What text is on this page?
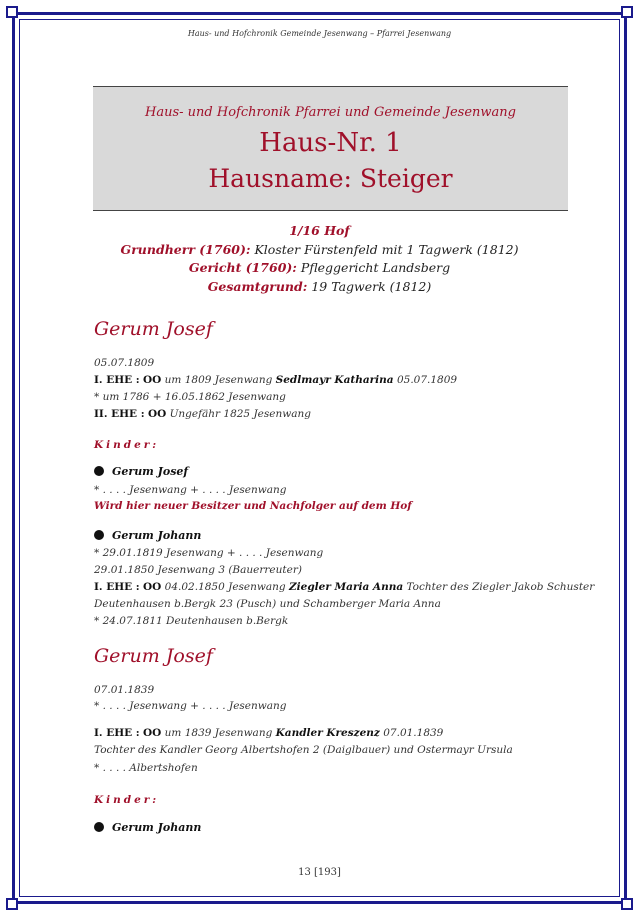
Haus- und Hofchronik Gemeinde Jesenwang – Pfarrei Jesenwang
Haus- und Hofchronik Pfarrei und Gemeinde Jesenwang
Haus-Nr. 1
Hausname: Steiger
1/16 Hof
Grundherr (1760): Kloster Fürstenfeld mit 1 Tagwerk (1812)
Gericht (1760): Pfleggericht Landsberg
Gesamtgrund: 19 Tagwerk (1812)
Gerum Josef
05.07.1809
I. EHE : OO um 1809 Jesenwang Sedlmayr Katharina 05.07.1809
* um 1786 + 16.05.1862 Jesenwang
II. EHE : OO Ungefähr 1825 Jesenwang
Kinder:
Gerum Josef
* . . . . Jesenwang + . . . . Jesenwang
Wird hier neuer Besitzer und Nachfolger auf dem Hof
Gerum Johann
* 29.01.1819 Jesenwang + . . . . Jesenwang
29.01.1850 Jesenwang 3 (Bauerreuter)
I. EHE : OO 04.02.1850 Jesenwang Ziegler Maria Anna Tochter des Ziegler Jakob Schuster
Deutenhausen b.Bergk 23 (Pusch) und Schamberger Maria Anna
* 24.07.1811 Deutenhausen b.Bergk
Gerum Josef
07.01.1839
* . . . . Jesenwang + . . . . Jesenwang
I. EHE : OO um 1839 Jesenwang Kandler Kreszenz 07.01.1839
Tochter des Kandler Georg Albertshofen 2 (Daiglbauer) und Ostermayr Ursula
* . . . . Albertshofen
Kinder:
Gerum Johann
13 [193]
